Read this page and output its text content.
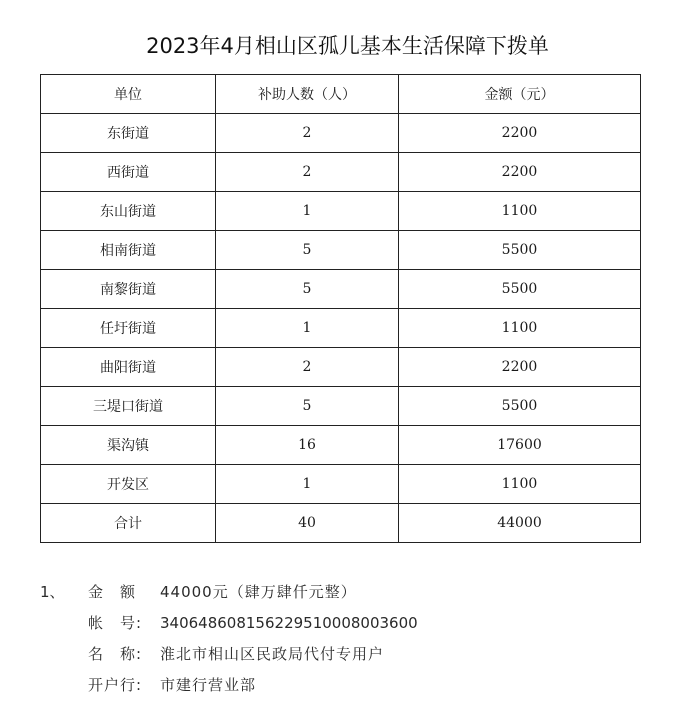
2023年4月相山区孤儿基本生活保障下拨单
单位	补助人数（人）	金额（元）
东街道	2	2200
西街道	2	2200
东山街道	1	1100
相南街道	5	5500
南黎街道	5	5500
任圩街道	1	1100
曲阳街道	2	2200
三堤口街道	5	5500
渠沟镇	16	17600
开发区	1	1100
合计	40	44000
1、 金　额 44000元（肆万肆仟元整）
帐　号: 340648608156229510008003600
名　称: 淮北市相山区民政局代付专用户
开户行: 市建行营业部
